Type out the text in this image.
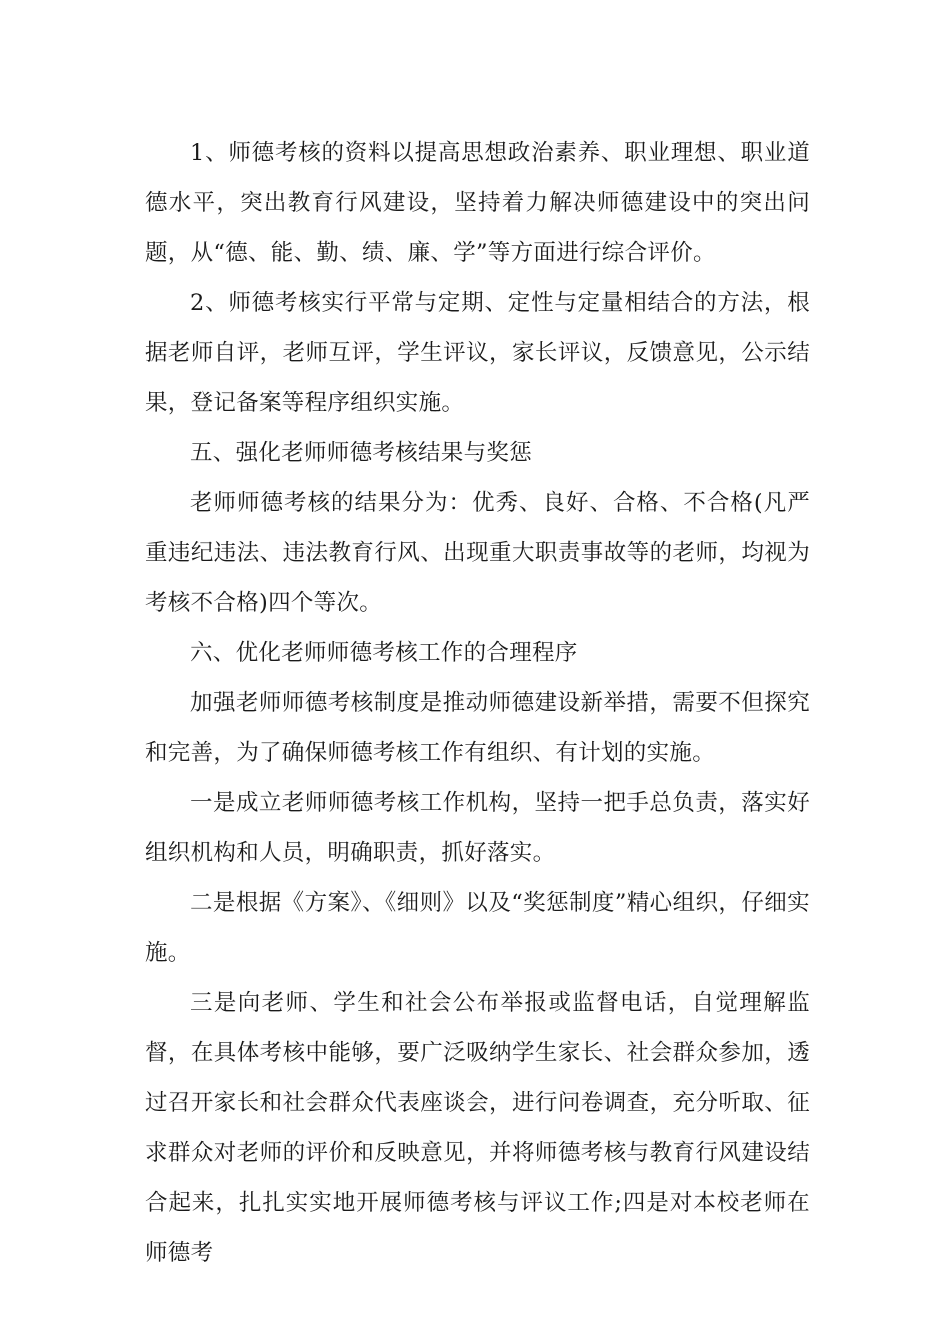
1、师德考核的资料以提高思想政治素养、职业理想、职业道德水平，突出教育行风建设，坚持着力解决师德建设中的突出问题，从“德、能、勤、绩、廉、学”等方面进行综合评价。

2、师德考核实行平常与定期、定性与定量相结合的方法，根据老师自评，老师互评，学生评议，家长评议，反馈意见，公示结果，登记备案等程序组织实施。

五、强化老师师德考核结果与奖惩

老师师德考核的结果分为：优秀、良好、合格、不合格(凡严重违纪违法、违法教育行风、出现重大职责事故等的老师，均视为考核不合格)四个等次。

六、优化老师师德考核工作的合理程序

加强老师师德考核制度是推动师德建设新举措，需要不但探究和完善，为了确保师德考核工作有组织、有计划的实施。

一是成立老师师德考核工作机构，坚持一把手总负责，落实好组织机构和人员，明确职责，抓好落实。

二是根据《方案》、《细则》以及“奖惩制度”精心组织，仔细实施。

三是向老师、学生和社会公布举报或监督电话，自觉理解监督，在具体考核中能够，要广泛吸纳学生家长、社会群众参加，透过召开家长和社会群众代表座谈会，进行问卷调查，充分听取、征求群众对老师的评价和反映意见，并将师德考核与教育行风建设结合起来，扎扎实实地开展师德考核与评议工作;四是对本校老师在师德考
